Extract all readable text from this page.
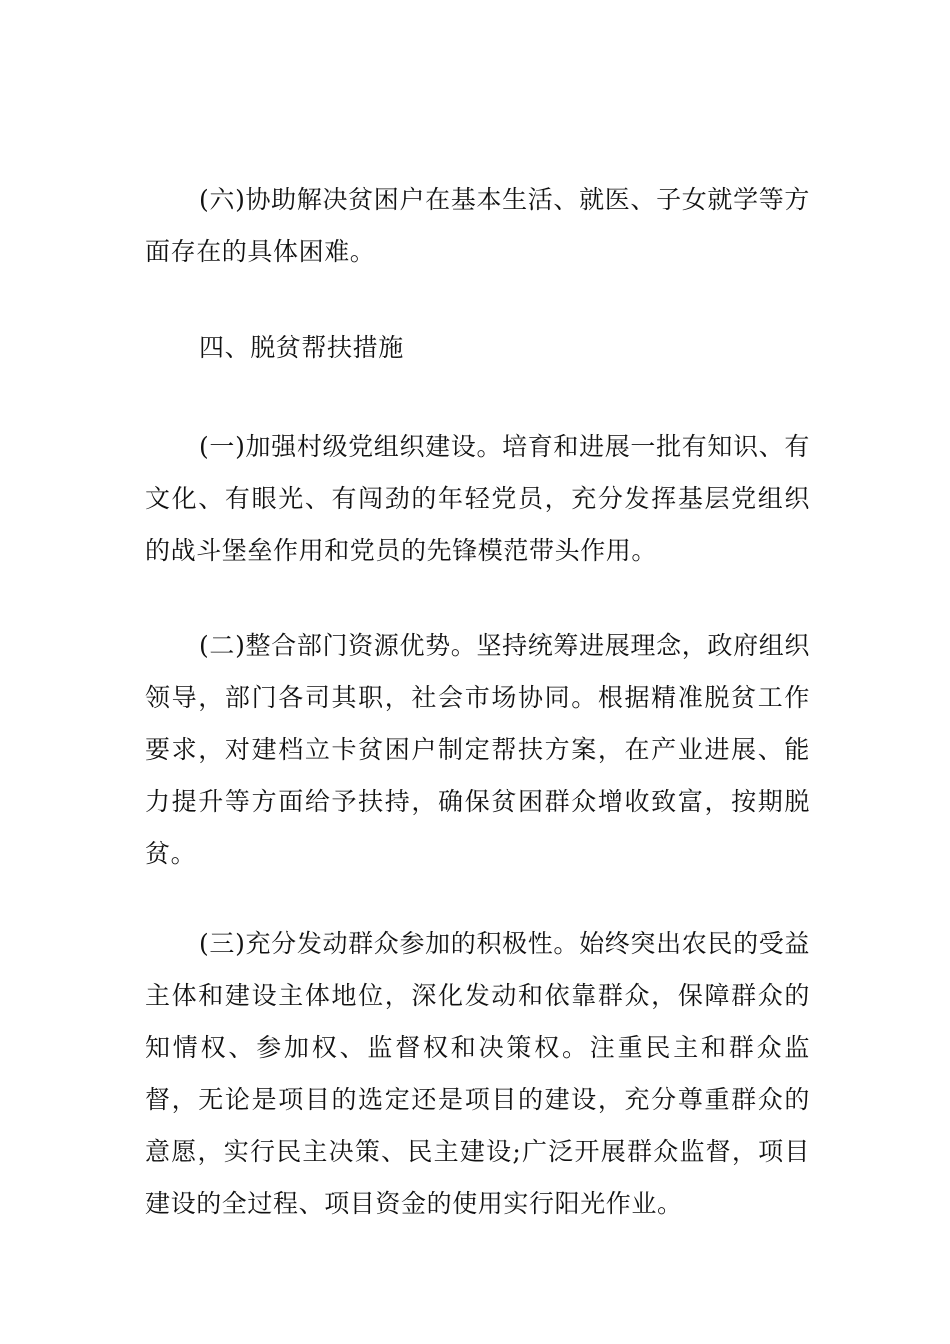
(六)协助解决贫困户在基本生活、就医、子女就学等方面存在的具体困难。

四、脱贫帮扶措施

(一)加强村级党组织建设。培育和进展一批有知识、有文化、有眼光、有闯劲的年轻党员，充分发挥基层党组织的战斗堡垒作用和党员的先锋模范带头作用。

(二)整合部门资源优势。坚持统筹进展理念，政府组织领导，部门各司其职，社会市场协同。根据精准脱贫工作要求，对建档立卡贫困户制定帮扶方案，在产业进展、能力提升等方面给予扶持，确保贫困群众增收致富，按期脱贫。

(三)充分发动群众参加的积极性。始终突出农民的受益主体和建设主体地位，深化发动和依靠群众，保障群众的知情权、参加权、监督权和决策权。注重民主和群众监督，无论是项目的选定还是项目的建设，充分尊重群众的意愿，实行民主决策、民主建设;广泛开展群众监督，项目建设的全过程、项目资金的使用实行阳光作业。
